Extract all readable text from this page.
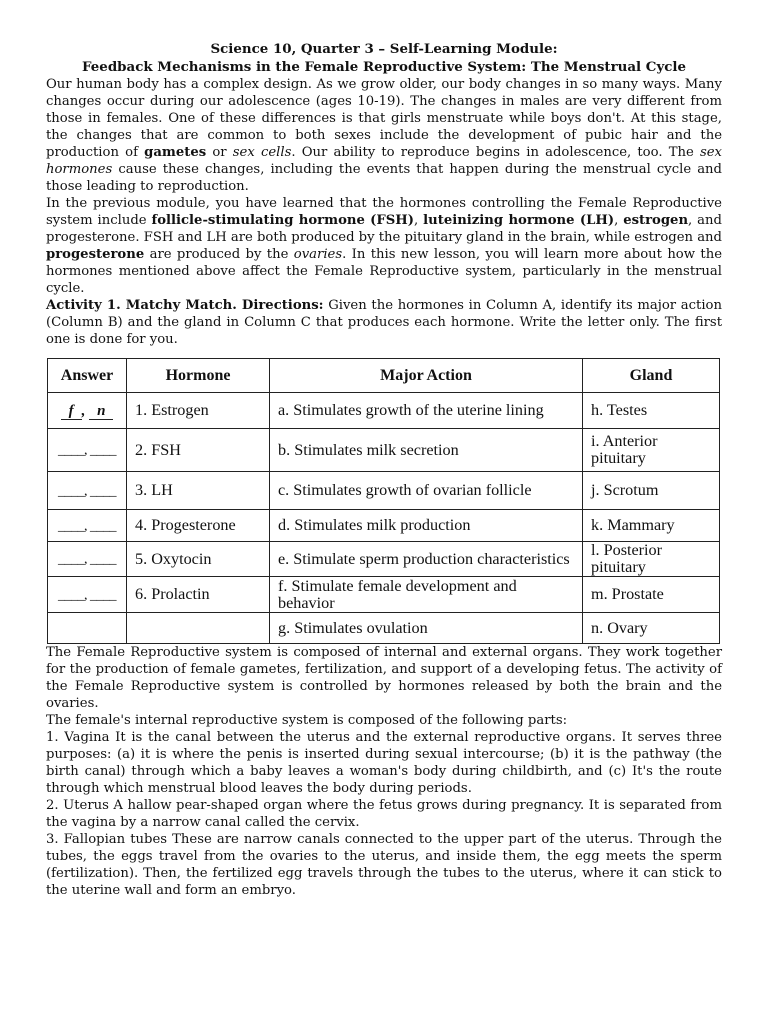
Science 10, Quarter 3 – Self-Learning Module:
Feedback Mechanisms in the Female Reproductive System: The Menstrual Cycle

Our human body has a complex design. As we grow older, our body changes in so many ways. Many changes occur during our adolescence (ages 10-19). The changes in males are very different from those in females. One of these differences is that girls menstruate while boys don't. At this stage, the changes that are common to both sexes include the development of pubic hair and the production of gametes or sex cells. Our ability to reproduce begins in adolescence, too. The sex hormones cause these changes, including the events that happen during the menstrual cycle and those leading to reproduction.

In the previous module, you have learned that the hormones controlling the Female Reproductive system include follicle-stimulating hormone (FSH), luteinizing hormone (LH), estrogen, and progesterone. FSH and LH are both produced by the pituitary gland in the brain, while estrogen and progesterone are produced by the ovaries. In this new lesson, you will learn more about how the hormones mentioned above affect the Female Reproductive system, particularly in the menstrual cycle.

Activity 1. Matchy Match. Directions: Given the hormones in Column A, identify its major action (Column B) and the gland in Column C that produces each hormone. Write the letter only. The first one is done for you.

Answer	Hormone	Major Action	Gland
f , n	1. Estrogen	a. Stimulates growth of the uterine lining	h. Testes
____, ____	2. FSH	b. Stimulates milk secretion	i. Anterior pituitary
____, ____	3. LH	c. Stimulates growth of ovarian follicle	j. Scrotum
____, ____	4. Progesterone	d. Stimulates milk production	k. Mammary
____, ____	5. Oxytocin	e. Stimulate sperm production characteristics	l. Posterior pituitary
____, ____	6. Prolactin	f. Stimulate female development and behavior	m. Prostate
		g. Stimulates ovulation	n. Ovary

The Female Reproductive system is composed of internal and external organs. They work together for the production of female gametes, fertilization, and support of a developing fetus. The activity of the Female Reproductive system is controlled by hormones released by both the brain and the ovaries.

The female's internal reproductive system is composed of the following parts:

1. Vagina It is the canal between the uterus and the external reproductive organs. It serves three purposes: (a) it is where the penis is inserted during sexual intercourse; (b) it is the pathway (the birth canal) through which a baby leaves a woman's body during childbirth, and (c) It's the route through which menstrual blood leaves the body during periods.

2. Uterus A hallow pear-shaped organ where the fetus grows during pregnancy. It is separated from the vagina by a narrow canal called the cervix.

3. Fallopian tubes These are narrow canals connected to the upper part of the uterus. Through the tubes, the eggs travel from the ovaries to the uterus, and inside them, the egg meets the sperm (fertilization). Then, the fertilized egg travels through the tubes to the uterus, where it can stick to the uterine wall and form an embryo.
